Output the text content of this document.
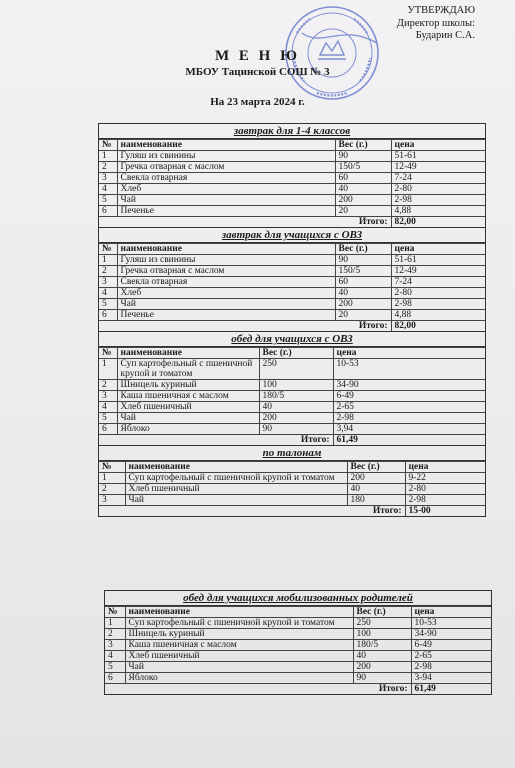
УТВЕРЖДАЮ
Директор школы:
Бударин С.А.
М Е Н Ю
МБОУ Тацинской СОШ № 3
На 23 марта 2024 г.
завтрак для 1-4 классов
№	наименование	Вес (г.)	цена
1	Гуляш из свинины	90	51-61
2	Гречка отварная с маслом	150/5	12-49
3	Свекла отварная	60	7-24
4	Хлеб	40	2-80
5	Чай	200	2-98
6	Печенье	20	4,88
Итого:			82,00
завтрак для учащихся с ОВЗ
№	наименование	Вес (г.)	цена
1	Гуляш из свинины	90	51-61
2	Гречка отварная с маслом	150/5	12-49
3	Свекла отварная	60	7-24
4	Хлеб	40	2-80
5	Чай	200	2-98
6	Печенье	20	4,88
Итого:			82,00
обед для учащихся с ОВЗ
№	наименование	Вес (г.)	цена
1	Суп картофельный с пшеничной крупой и томатом	250	10-53
2	Шницель куриный	100	34-90
3	Каша пшеничная с маслом	180/5	6-49
4	Хлеб пшеничный	40	2-65
5	Чай	200	2-98
6	Яблоко	90	3,94
Итого:			61,49
по талонам
№	наименование	Вес (г.)	цена
1	Суп картофельный с пшеничной крупой и томатом	200	9-22
2	Хлеб пшеничный	40	2-80
3	Чай	180	2-98
Итого:			15-00
обед для учащихся мобилизованных родителей
№	наименование	Вес (г.)	цена
1	Суп картофельный с пшеничной крупой и томатом	250	10-53
2	Шницель куриный	100	34-90
3	Каша пшеничная с маслом	180/5	6-49
4	Хлеб пшеничный	40	2-65
5	Чай	200	2-98
6	Яблоко	90	3-94
Итого:			61,49
